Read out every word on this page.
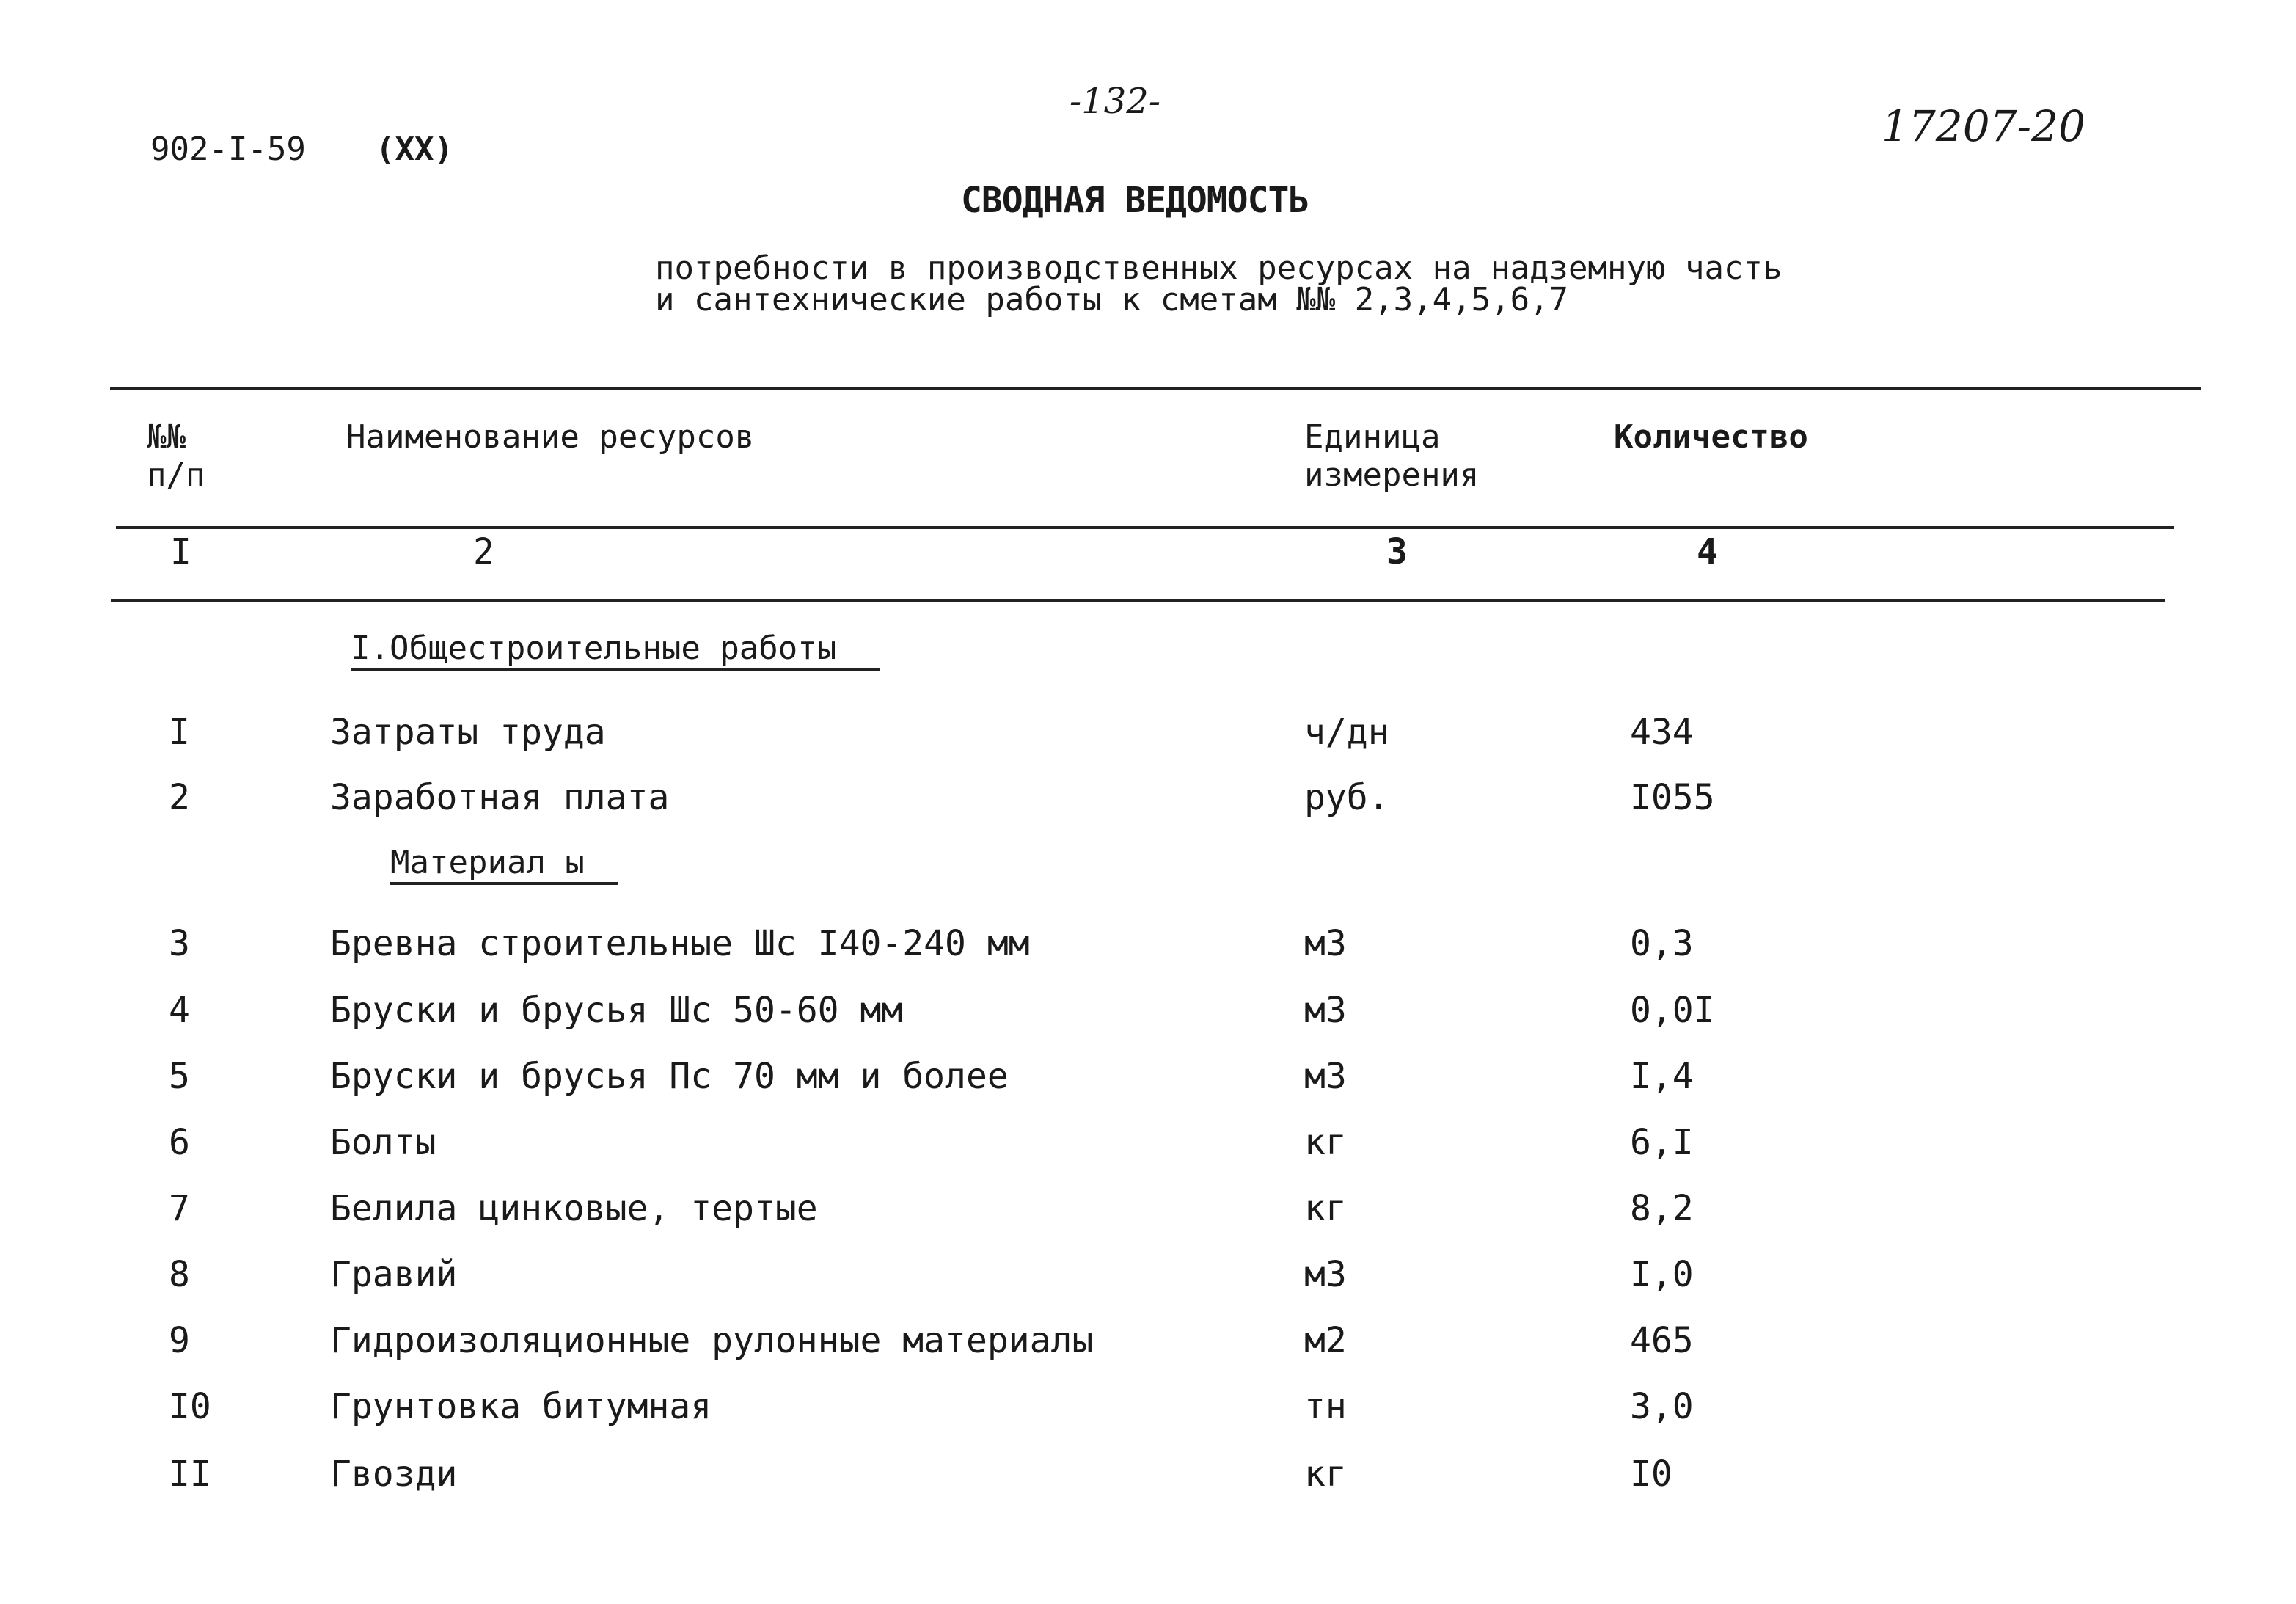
902-I-59 (XX)
-132-	17207-20
СВОДНАЯ ВЕДОМОСТЬ
потребности в производственных ресурсах на надземную часть
и сантехнические работы к сметам №№ 2,3,4,5,6,7
№№
п/п
Наименование ресурсов	Единица
измерения
Количество
I	2	3	4
I.Общестроительные работы
Материал ы
I	Затраты труда	ч/дн	434
2	Заработная плата	руб.	I055
3	Бревна строительные Шс I40-240 мм	м3	0,3
4	Бруски и брусья Шс 50-60 мм	м3	0,0I
5	Бруски и брусья Пс 70 мм и более	м3	I,4
6	Болты	кг	6,I
7	Белила цинковые, тертые	кг	8,2
8	Гравий	м3	I,0
9	Гидроизоляционные рулонные материалы	м2	465
I0	Грунтовка битумная	тн	3,0
II	Гвозди	кг	I0
